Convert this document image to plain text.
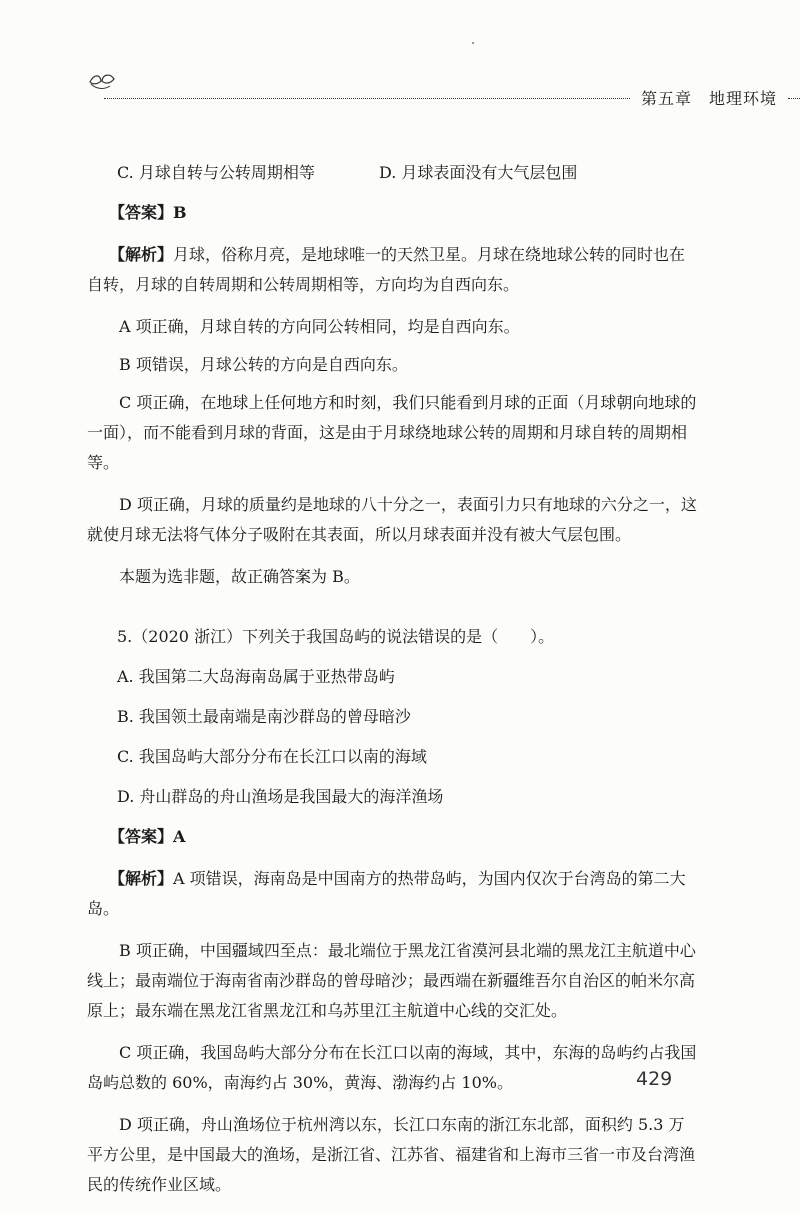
第五章　地理环境
C. 月球自转与公转周期相等	D. 月球表面没有大气层包围

【答案】B

【解析】月球，俗称月亮，是地球唯一的天然卫星。月球在绕地球公转的同时也在自转，月球的自转周期和公转周期相等，方向均为自西向东。

A 项正确，月球自转的方向同公转相同，均是自西向东。

B 项错误，月球公转的方向是自西向东。

C 项正确，在地球上任何地方和时刻，我们只能看到月球的正面（月球朝向地球的一面），而不能看到月球的背面，这是由于月球绕地球公转的周期和月球自转的周期相等。

D 项正确，月球的质量约是地球的八十分之一，表面引力只有地球的六分之一，这就使月球无法将气体分子吸附在其表面，所以月球表面并没有被大气层包围。

本题为选非题，故正确答案为 B。

5.（2020 浙江）下列关于我国岛屿的说法错误的是（　　）。

A. 我国第二大岛海南岛属于亚热带岛屿

B. 我国领土最南端是南沙群岛的曾母暗沙

C. 我国岛屿大部分分布在长江口以南的海域

D. 舟山群岛的舟山渔场是我国最大的海洋渔场

【答案】A

【解析】A 项错误，海南岛是中国南方的热带岛屿，为国内仅次于台湾岛的第二大岛。

B 项正确，中国疆域四至点：最北端位于黑龙江省漠河县北端的黑龙江主航道中心线上；最南端位于海南省南沙群岛的曾母暗沙；最西端在新疆维吾尔自治区的帕米尔高原上；最东端在黑龙江省黑龙江和乌苏里江主航道中心线的交汇处。

C 项正确，我国岛屿大部分分布在长江口以南的海域，其中，东海的岛屿约占我国岛屿总数的 60%，南海约占 30%，黄海、渤海约占 10%。

D 项正确，舟山渔场位于杭州湾以东，长江口东南的浙江东北部，面积约 5.3 万平方公里，是中国最大的渔场，是浙江省、江苏省、福建省和上海市三省一市及台湾渔民的传统作业区域。

429
